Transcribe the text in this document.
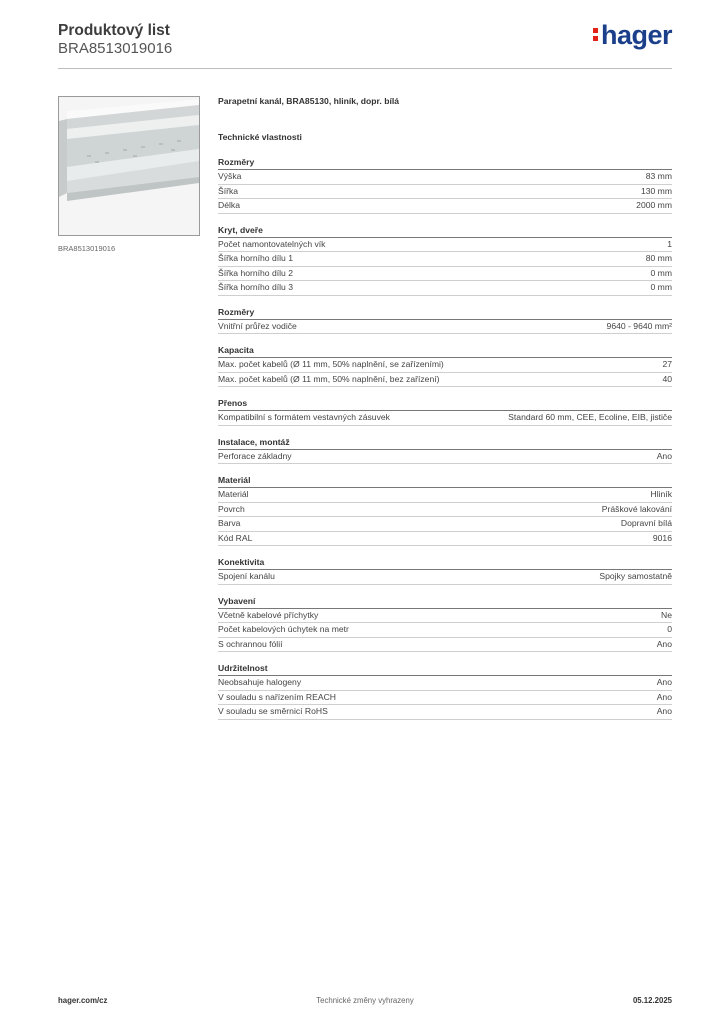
Produktový list
BRA8513019016	hager
BRA8513019016
Parapetní kanál, BRA85130, hliník, dopr. bílá
Technické vlastnosti
Rozměry
Výška	83 mm
Šířka	130 mm
Délka	2000 mm
Kryt, dveře
Počet namontovatelných vík	1
Šířka horního dílu 1	80 mm
Šířka horního dílu 2	0 mm
Šířka horního dílu 3	0 mm
Rozměry
Vnitřní průřez vodiče	9640 - 9640 mm²
Kapacita
Max. počet kabelů (Ø 11 mm, 50% naplnění, se zařízeními)	27
Max. počet kabelů (Ø 11 mm, 50% naplnění, bez zařízení)	40
Přenos
Kompatibilní s formátem vestavných zásuvek	Standard 60 mm, CEE, Ecoline, EIB, jističe
Instalace, montáž
Perforace základny	Ano
Materiál
Materiál	Hliník
Povrch	Práškové lakování
Barva	Dopravní bílá
Kód RAL	9016
Konektivita
Spojení kanálu	Spojky samostatně
Vybavení
Včetně kabelové příchytky	Ne
Počet kabelových úchytek na metr	0
S ochrannou fólií	Ano
Udržitelnost
Neobsahuje halogeny	Ano
V souladu s nařízením REACH	Ano
V souladu se směrnicí RoHS	Ano
hager.com/cz	Technické změny vyhrazeny	05.12.2025
